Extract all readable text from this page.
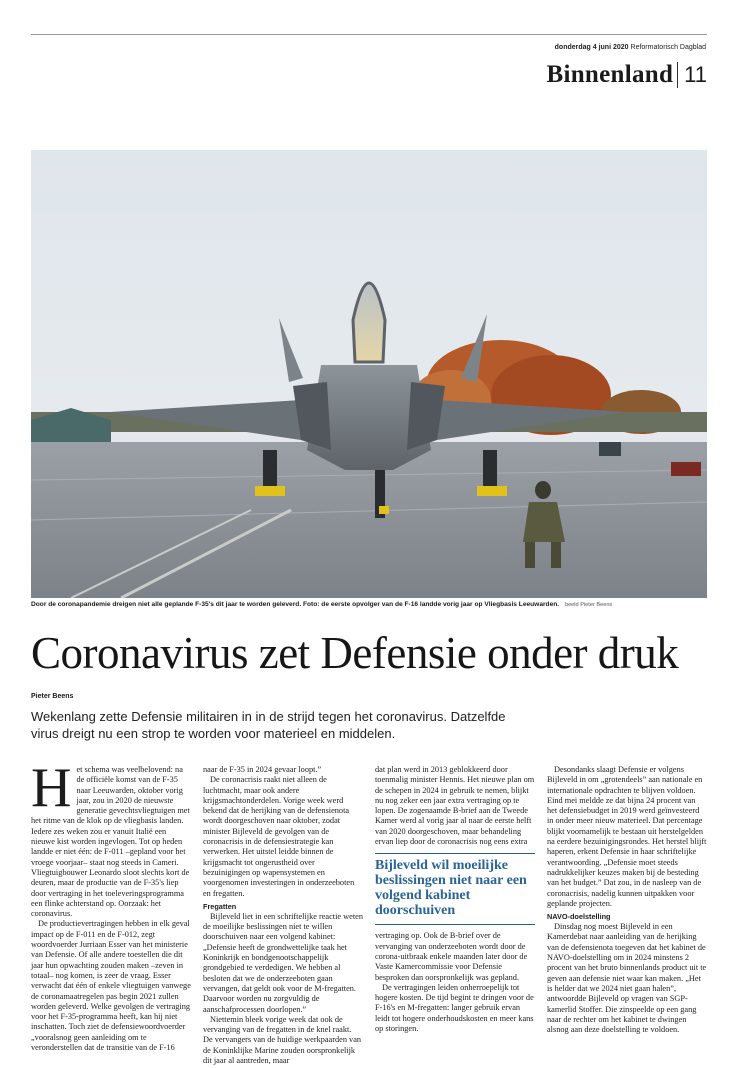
donderdag 4 juni 2020 Reformatorisch Dagblad
Binnenland 11
Door de coronapandemie dreigen niet alle geplande F-35's dit jaar te worden geleverd. Foto: de eerste opvolger van de F-16 landde vorig jaar op Vliegbasis Leeuwarden. beeld Pieter Beens
Coronavirus zet Defensie onder druk
Pieter Beens
Wekenlang zette Defensie militairen in in de strijd tegen het coronavirus. Datzelfde virus dreigt nu een strop te worden voor materieel en middelen.
H et schema was veelbelovend: na de officiële komst van de F-35 naar Leeuwarden, oktober vorig jaar, zou in 2020 de nieuwste generatie gevechtsvliegtuigen met het ritme van de klok op de vliegbasis landen. Iedere zes weken zou er vanuit Italië een nieuwe kist worden ingevlogen. Tot op heden landde er niet één: de F-011 –gepland voor het vroege voorjaar– staat nog steeds in Cameri. Vliegtuigbouwer Leonardo sloot slechts kort de deuren, maar de productie van de F-35's liep door vertraging in het toeleveringsprogramma een flinke achterstand op. Oorzaak: het coronavirus.

De productievertragingen hebben in elk geval impact op de F-011 en de F-012, zegt woordvoerder Jurriaan Esser van het ministerie van Defensie. Of alle andere toestellen die dit jaar hun opwachting zouden maken –zeven in totaal– nog komen, is zeer de vraag. Esser verwacht dat één of enkele vliegtuigen vanwege de coronamaatregelen pas begin 2021 zullen worden geleverd. Welke gevolgen de vertraging voor het F-35-programma heeft, kan hij niet inschatten. Toch ziet de defensiewoordvoerder „vooralsnog geen aanleiding om te veronderstellen dat de transitie van de F-16

naar de F-35 in 2024 gevaar loopt.”

De coronacrisis raakt niet alleen de luchtmacht, maar ook andere krijgsmachtonderdelen. Vorige week werd bekend dat de herijking van de defensienota wordt doorgeschoven naar oktober, zodat minister Bijleveld de gevolgen van de coronacrisis in de defensiestrategie kan verwerken. Het uitstel leidde binnen de krijgsmacht tot ongerustheid over bezuinigingen op wapensystemen en voorgenomen investeringen in onderzeeboten en fregatten.

Fregatten

Bijleveld liet in een schriftelijke reactie weten de moeilijke beslissingen niet te willen doorschuiven naar een volgend kabinet: „Defensie heeft de grondwettelijke taak het Koninkrijk en bondgenootschappelijk grondgebied te verdedigen. We hebben al besloten dat we de onderzeeboten gaan vervangen, dat geldt ook voor de M-fregatten. Daarvoor worden nu zorgvuldig de aanschafprocessen doorlopen.”

Niettemin bleek vorige week dat ook de vervanging van de fregatten in de knel raakt. De vervangers van de huidige werkpaarden van de Koninklijke Marine zouden oorspronkelijk dit jaar al aantreden, maar

dat plan werd in 2013 geblokkeerd door toenmalig minister Hennis. Het nieuwe plan om de schepen in 2024 in gebruik te nemen, blijkt nu nog zeker een jaar extra vertraging op te lopen. De zogenaamde B-brief aan de Tweede Kamer werd al vorig jaar al naar de eerste helft van 2020 doorgeschoven, maar behandeling ervan liep door de coronacrisis nog eens extra

Bijleveld wil moeilijke beslissingen niet naar een volgend kabinet doorschuiven

vertraging op. Ook de B-brief over de vervanging van onderzeeboten wordt door de corona-uitbraak enkele maanden later door de Vaste Kamercommissie voor Defensie besproken dan oorspronkelijk was gepland.

De vertragingen leiden onherroepelijk tot hogere kosten. De tijd begint te dringen voor de F-16's en M-fregatten: langer gebruik ervan leidt tot hogere onderhoudskosten en meer kans op storingen.

Desondanks slaagt Defensie er volgens Bijleveld in om „grotendeels” aan nationale en internationale opdrachten te blijven voldoen. Eind mei meldde ze dat bijna 24 procent van het defensiebudget in 2019 werd geïnvesteerd in onder meer nieuw materieel. Dat percentage blijkt voornamelijk te bestaan uit herstelgelden na eerdere bezuinigingsrondes. Het herstel blijft haperen, erkent Defensie in haar schriftelijke verantwoording. „Defensie moet steeds nadrukkelijker keuzes maken bij de besteding van het budget.” Dat zou, in de nasleep van de coronacrisis, nadelig kunnen uitpakken voor geplande projecten.

NAVO-doelstelling

Dinsdag nog moest Bijleveld in een Kamerdebat naar aanleiding van de herijking van de defensienota toegeven dat het kabinet de NAVO-doelstelling om in 2024 minstens 2 procent van het bruto binnenlands product uit te geven aan defensie niet waar kan maken. „Het is helder dat we 2024 niet gaan halen”, antwoordde Bijleveld op vragen van SGP-kamerlid Stoffer. Die zinspeelde op een gang naar de rechter om het kabinet te dwingen alsnog aan deze doelstelling te voldoen.
